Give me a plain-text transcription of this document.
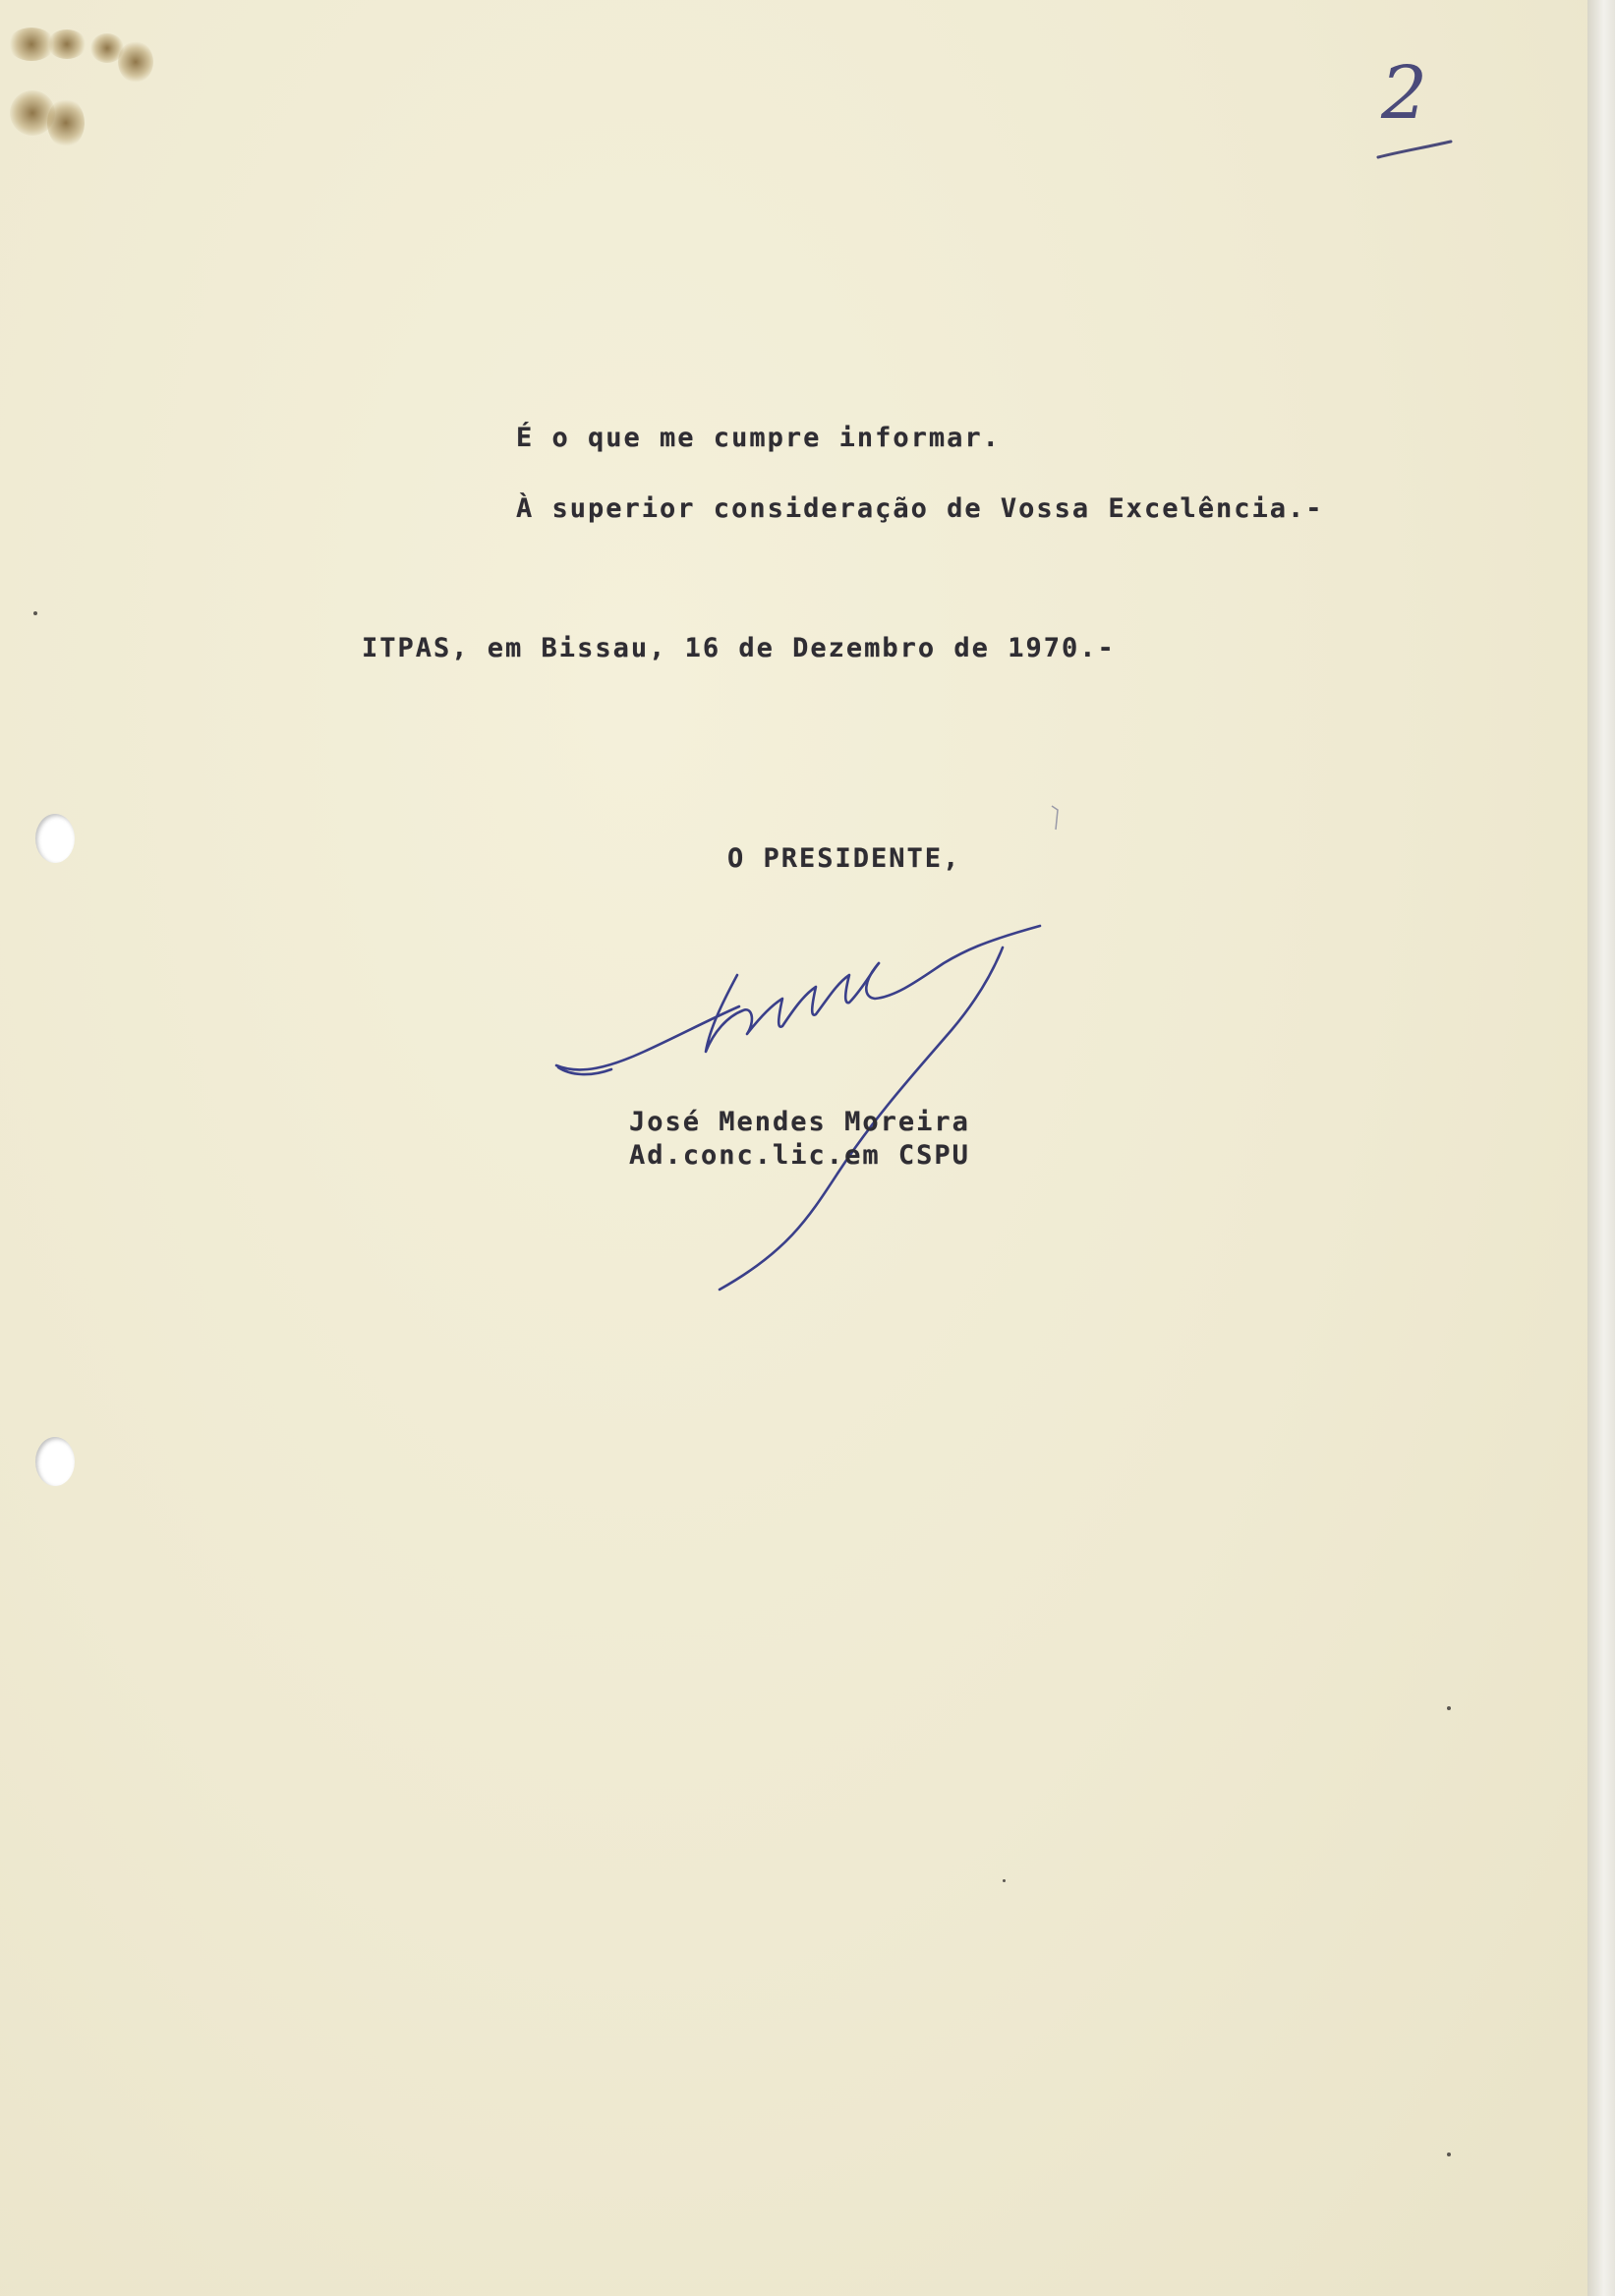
2
É o que me cumpre informar.
À superior consideração de Vossa Excelência.-
ITPAS, em Bissau, 16 de Dezembro de 1970.-
O PRESIDENTE,
José Mendes Moreira
Ad.conc.lic.em CSPU
